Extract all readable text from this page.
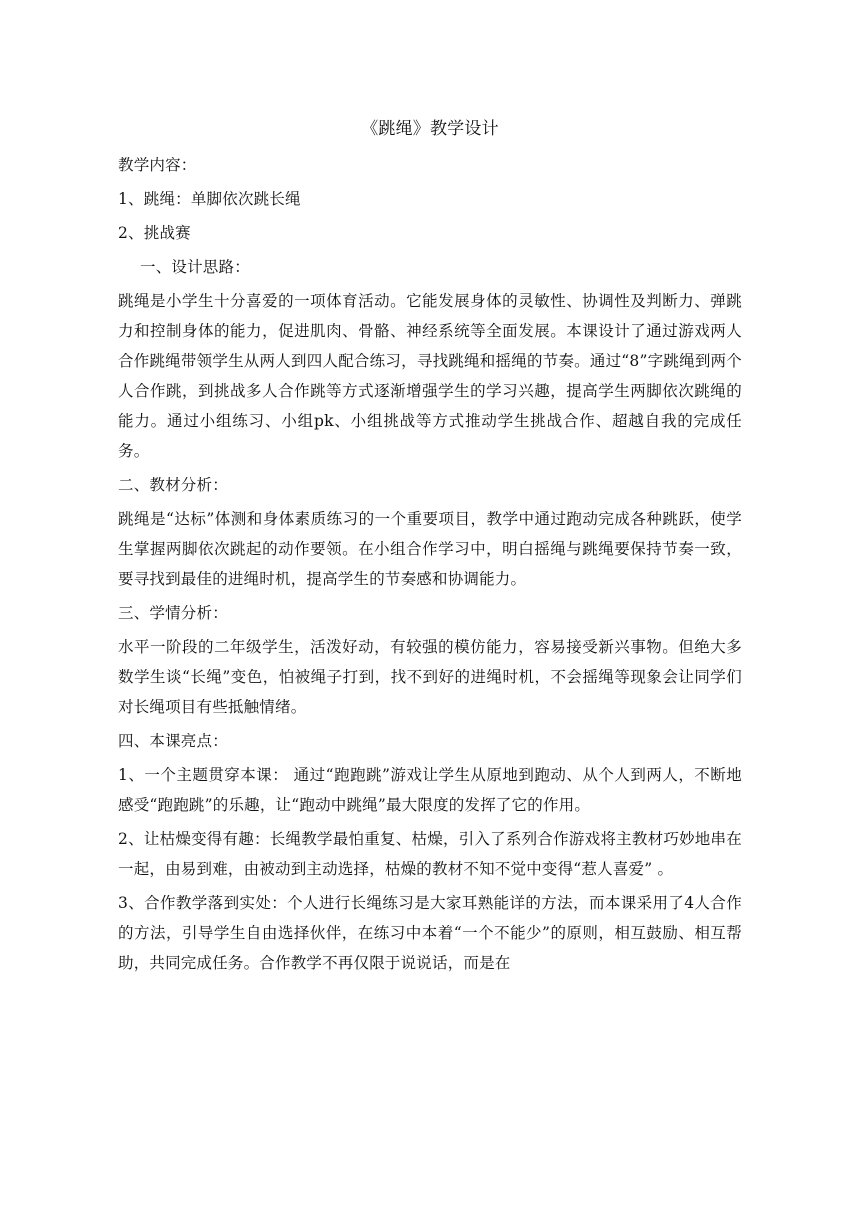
《跳绳》教学设计
教学内容：
1、跳绳：单脚依次跳长绳
2、挑战赛
一、设计思路：
跳绳是小学生十分喜爱的一项体育活动。它能发展身体的灵敏性、协调性及判断力、弹跳力和控制身体的能力，促进肌肉、骨骼、神经系统等全面发展。本课设计了通过游戏两人合作跳绳带领学生从两人到四人配合练习，寻找跳绳和摇绳的节奏。通过“8”字跳绳到两个人合作跳，到挑战多人合作跳等方式逐渐增强学生的学习兴趣，提高学生两脚依次跳绳的能力。通过小组练习、小组pk、小组挑战等方式推动学生挑战合作、超越自我的完成任务。
二、教材分析：
跳绳是“达标”体测和身体素质练习的一个重要项目，教学中通过跑动完成各种跳跃，使学生掌握两脚依次跳起的动作要领。在小组合作学习中，明白摇绳与跳绳要保持节奏一致，要寻找到最佳的进绳时机，提高学生的节奏感和协调能力。
三、学情分析：
水平一阶段的二年级学生，活泼好动，有较强的模仿能力，容易接受新兴事物。但绝大多数学生谈“长绳”变色，怕被绳子打到，找不到好的进绳时机，不会摇绳等现象会让同学们对长绳项目有些抵触情绪。
四、本课亮点：
1、一个主题贯穿本课： 通过“跑跑跳”游戏让学生从原地到跑动、从个人到两人，不断地感受“跑跑跳”的乐趣，让“跑动中跳绳”最大限度的发挥了它的作用。
2、让枯燥变得有趣：长绳教学最怕重复、枯燥，引入了系列合作游戏将主教材巧妙地串在一起，由易到难，由被动到主动选择，枯燥的教材不知不觉中变得“惹人喜爱” 。
3、合作教学落到实处：个人进行长绳练习是大家耳熟能详的方法，而本课采用了4人合作的方法，引导学生自由选择伙伴，在练习中本着“一个不能少”的原则，相互鼓励、相互帮助，共同完成任务。合作教学不再仅限于说说话，而是在
